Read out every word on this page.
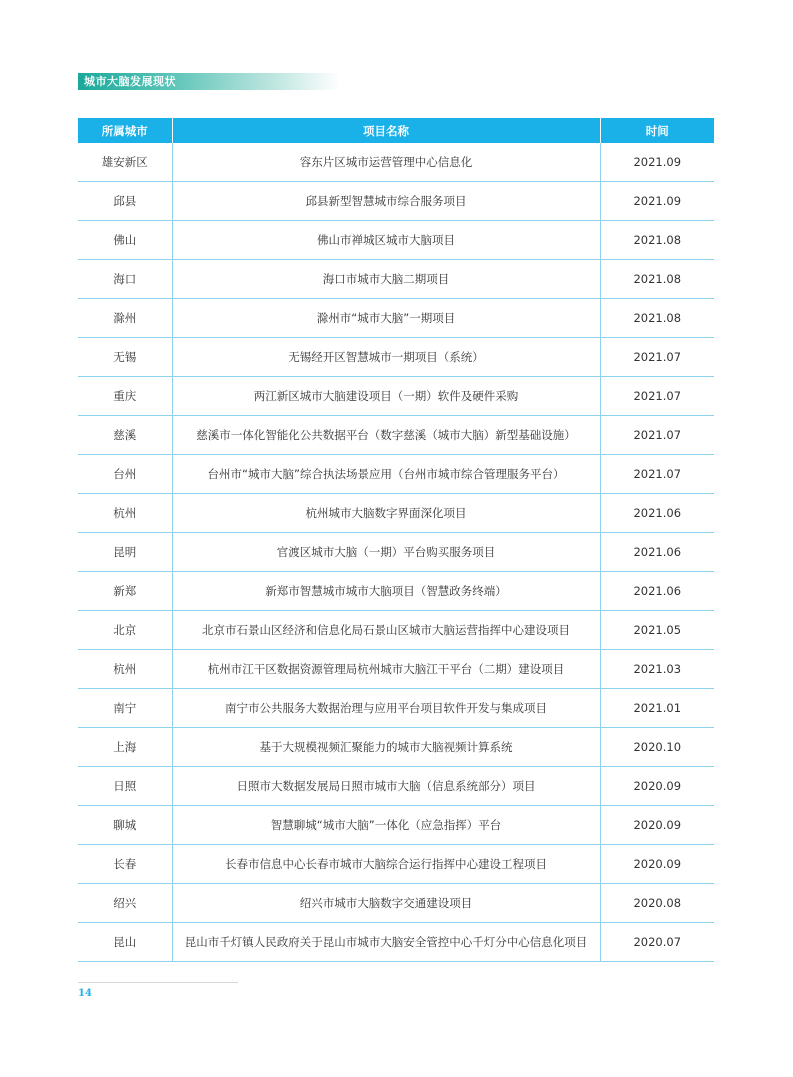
城市大脑发展现状
所属城市	项目名称	时间
雄安新区	容东片区城市运营管理中心信息化	2021.09
邱县	邱县新型智慧城市综合服务项目	2021.09
佛山	佛山市禅城区城市大脑项目	2021.08
海口	海口市城市大脑二期项目	2021.08
滁州	滁州市“城市大脑”一期项目	2021.08
无锡	无锡经开区智慧城市一期项目（系统）	2021.07
重庆	两江新区城市大脑建设项目（一期）软件及硬件采购	2021.07
慈溪	慈溪市一体化智能化公共数据平台（数字慈溪（城市大脑）新型基础设施）	2021.07
台州	台州市“城市大脑”综合执法场景应用（台州市城市综合管理服务平台）	2021.07
杭州	杭州城市大脑数字界面深化项目	2021.06
昆明	官渡区城市大脑（一期）平台购买服务项目	2021.06
新郑	新郑市智慧城市城市大脑项目（智慧政务终端）	2021.06
北京	北京市石景山区经济和信息化局石景山区城市大脑运营指挥中心建设项目	2021.05
杭州	杭州市江干区数据资源管理局杭州城市大脑江干平台（二期）建设项目	2021.03
南宁	南宁市公共服务大数据治理与应用平台项目软件开发与集成项目	2021.01
上海	基于大规模视频汇聚能力的城市大脑视频计算系统	2020.10
日照	日照市大数据发展局日照市城市大脑（信息系统部分）项目	2020.09
聊城	智慧聊城“城市大脑”一体化（应急指挥）平台	2020.09
长春	长春市信息中心长春市城市大脑综合运行指挥中心建设工程项目	2020.09
绍兴	绍兴市城市大脑数字交通建设项目	2020.08
昆山	昆山市千灯镇人民政府关于昆山市城市大脑安全管控中心千灯分中心信息化项目	2020.07
14
